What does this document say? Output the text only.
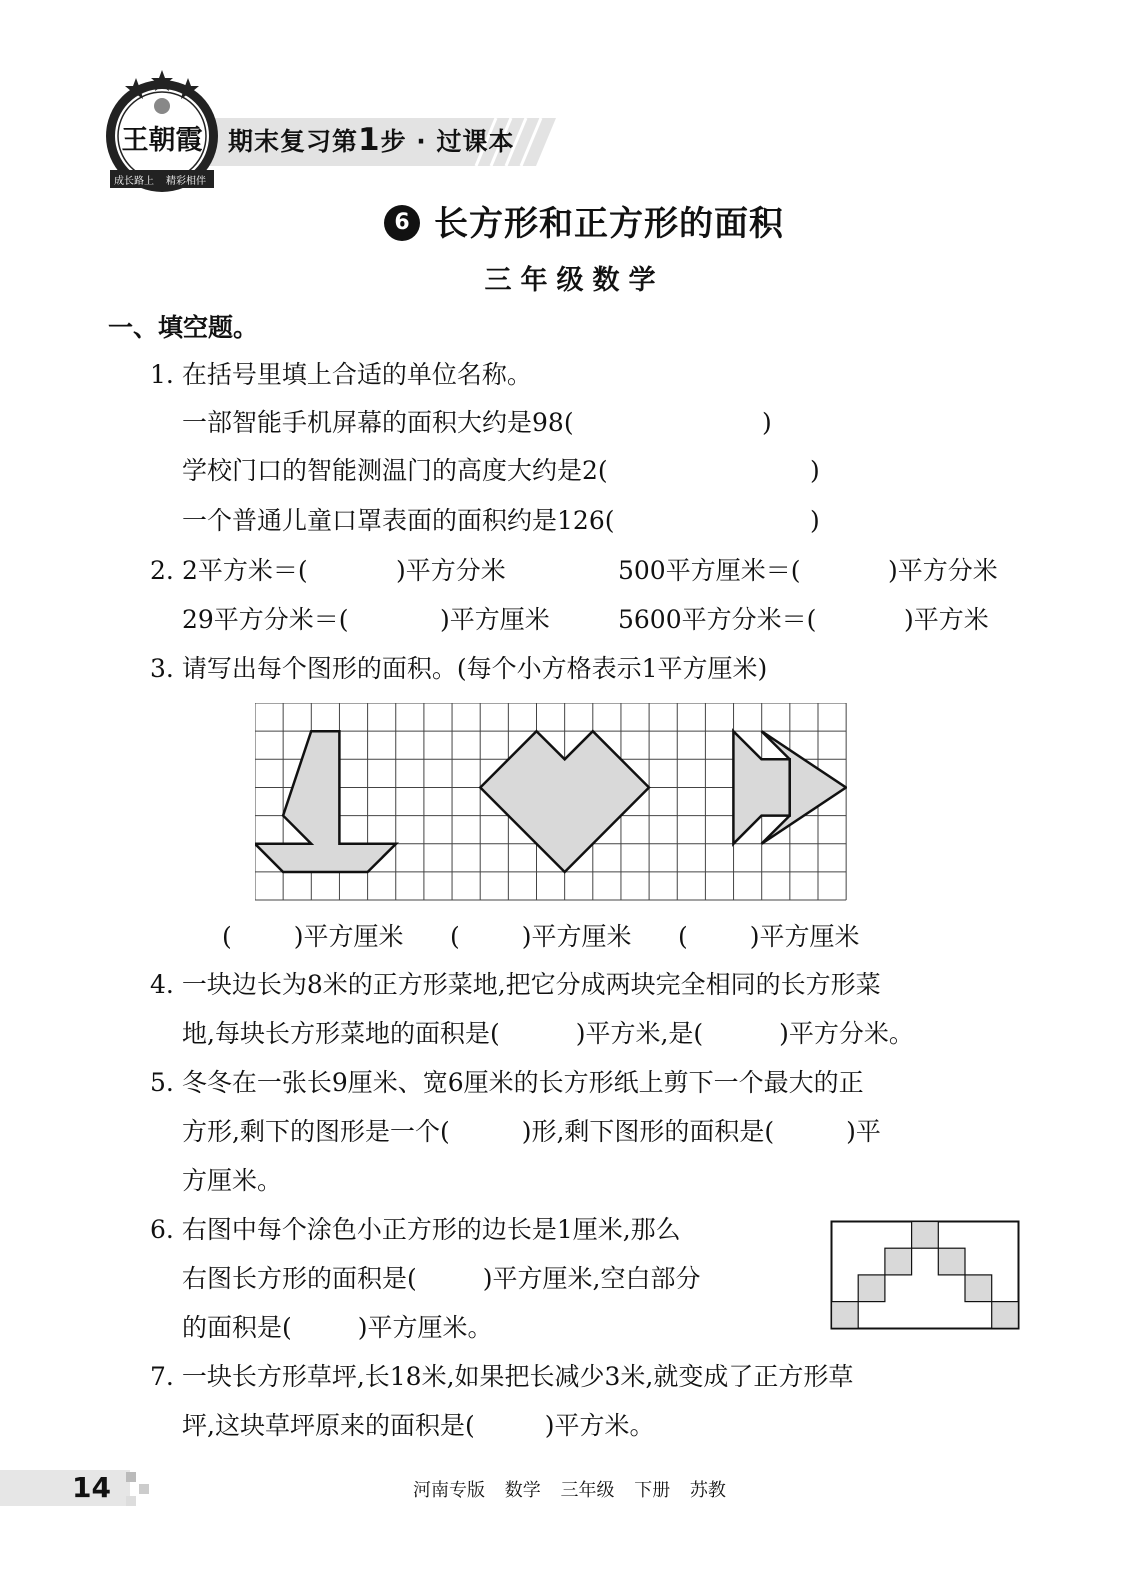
王朝霞
成长路上 精彩相伴
期末复习第1步 · 过课本
6 长方形和正方形的面积
三年级数学
一、填空题。
1. 在括号里填上合适的单位名称。
一部智能手机屏幕的面积大约是98(	)
学校门口的智能测温门的高度大约是2(	)
一个普通儿童口罩表面的面积约是126(	)
2. 2平方米＝(	)平方分米	500平方厘米＝(	)平方分米
29平方分米＝(	)平方厘米	5600平方分米＝(	)平方米
3. 请写出每个图形的面积。(每个小方格表示1平方厘米)
( )平方厘米 ( )平方厘米 ( )平方厘米
4. 一块边长为8米的正方形菜地,把它分成两块完全相同的长方形菜
地,每块长方形菜地的面积是(	)平方米,是(	)平方分米。
5. 冬冬在一张长9厘米、宽6厘米的长方形纸上剪下一个最大的正
方形,剩下的图形是一个(	)形,剩下图形的面积是(	)平
方厘米。
6. 右图中每个涂色小正方形的边长是1厘米,那么
右图长方形的面积是(	)平方厘米,空白部分
的面积是(	)平方厘米。
7. 一块长方形草坪,长18米,如果把长减少3米,就变成了正方形草
坪,这块草坪原来的面积是(	)平方米。
14	河南专版 数学 三年级 下册 苏教
